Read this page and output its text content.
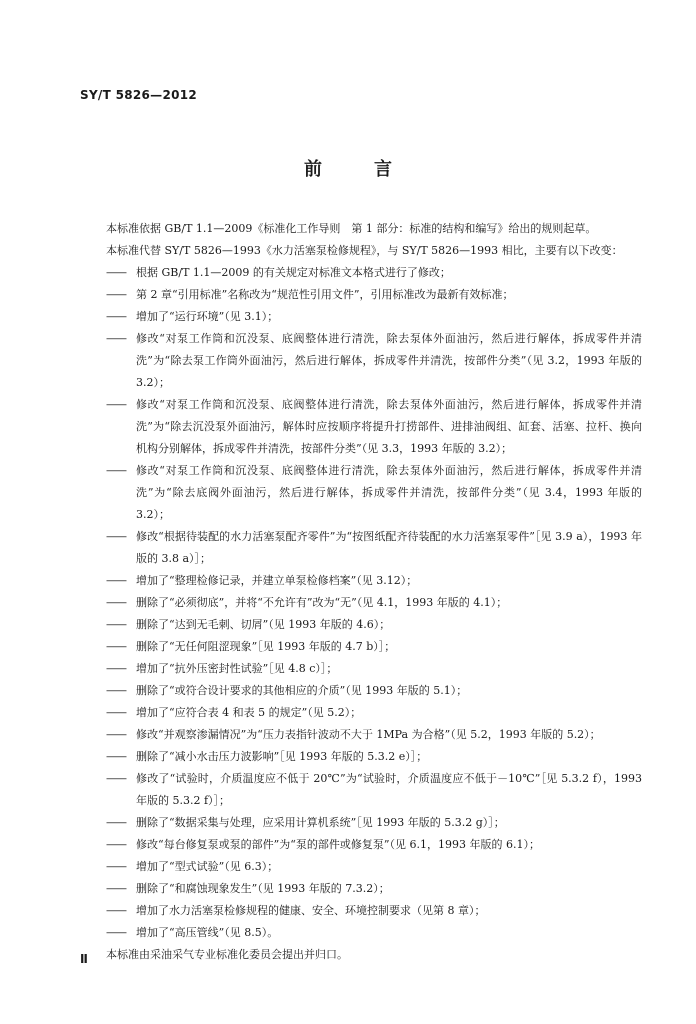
SY/T 5826—2012
前	言
本标准依据 GB/T 1.1—2009《标准化工作导则　第 1 部分：标准的结构和编写》给出的规则起草。
本标准代替 SY/T 5826—1993《水力活塞泵检修规程》，与 SY/T 5826—1993 相比，主要有以下改变：
—— 根据 GB/T 1.1—2009 的有关规定对标准文本格式进行了修改；
—— 第 2 章“引用标准”名称改为“规范性引用文件”，引用标准改为最新有效标准；
—— 增加了“运行环境”（见 3.1）；
—— 修改“对泵工作筒和沉没泵、底阀整体进行清洗，除去泵体外面油污，然后进行解体，拆成零件并清洗”为“除去泵工作筒外面油污，然后进行解体，拆成零件并清洗，按部件分类”（见 3.2，1993 年版的 3.2）；
—— 修改“对泵工作筒和沉没泵、底阀整体进行清洗，除去泵体外面油污，然后进行解体，拆成零件并清洗”为“除去沉没泵外面油污，解体时应按顺序将提升打捞部件、进排油阀组、缸套、活塞、拉杆、换向机构分别解体，拆成零件并清洗，按部件分类”（见 3.3，1993 年版的 3.2）；
—— 修改“对泵工作筒和沉没泵、底阀整体进行清洗，除去泵体外面油污，然后进行解体，拆成零件并清洗”为“除去底阀外面油污，然后进行解体，拆成零件并清洗，按部件分类”（见 3.4，1993 年版的 3.2）；
—— 修改“根据待装配的水力活塞泵配齐零件”为“按图纸配齐待装配的水力活塞泵零件”［见 3.9 a），1993 年版的 3.8 a）］；
—— 增加了“整理检修记录，并建立单泵检修档案”（见 3.12）；
—— 删除了“必须彻底”，并将“不允许有”改为“无”（见 4.1，1993 年版的 4.1）；
—— 删除了“达到无毛刺、切屑”（见 1993 年版的 4.6）；
—— 删除了“无任何阻涩现象”［见 1993 年版的 4.7 b）］；
—— 增加了“抗外压密封性试验”［见 4.8 c）］；
—— 删除了“或符合设计要求的其他相应的介质”（见 1993 年版的 5.1）；
—— 增加了“应符合表 4 和表 5 的规定”（见 5.2）；
—— 修改“并观察渗漏情况”为“压力表指针波动不大于 1MPa 为合格”（见 5.2，1993 年版的 5.2）；
—— 删除了“减小水击压力波影响”［见 1993 年版的 5.3.2 e）］；
—— 修改了“试验时，介质温度应不低于 20℃”为“试验时，介质温度应不低于－10℃”［见 5.3.2 f），1993 年版的 5.3.2 f）］；
—— 删除了“数据采集与处理，应采用计算机系统”［见 1993 年版的 5.3.2 g）］；
—— 修改“每台修复泵或泵的部件”为“泵的部件或修复泵”（见 6.1，1993 年版的 6.1）；
—— 增加了“型式试验”（见 6.3）；
—— 删除了“和腐蚀现象发生”（见 1993 年版的 7.3.2）；
—— 增加了水力活塞泵检修规程的健康、安全、环境控制要求（见第 8 章）；
—— 增加了“高压管线”（见 8.5）。
本标准由采油采气专业标准化委员会提出并归口。
Ⅱ
